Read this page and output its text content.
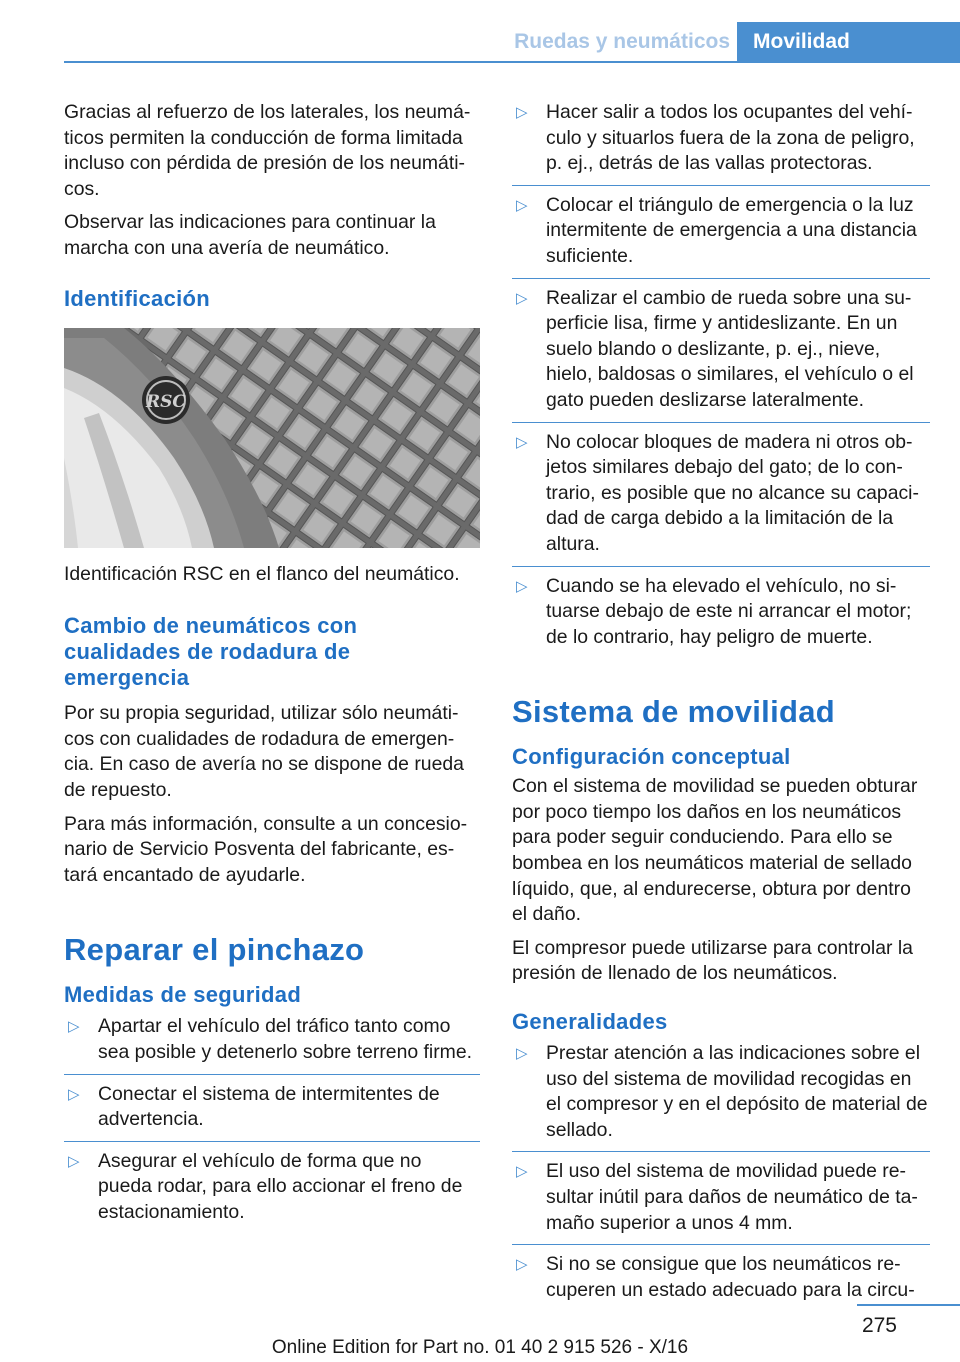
Ruedas y neumáticos	Movilidad

Gracias al refuerzo de los laterales, los neumá‐ticos permiten la conducción de forma limitada incluso con pérdida de presión de los neumáti‐cos.

Observar las indicaciones para continuar la marcha con una avería de neumático.

Identificación
RSC

Identificación RSC en el flanco del neumático.

Cambio de neumáticos con cualidades de rodadura de emergencia

Por su propia seguridad, utilizar sólo neumáti‐cos con cualidades de rodadura de emergen‐cia. En caso de avería no se dispone de rueda de repuesto.

Para más información, consulte a un concesio‐nario de Servicio Posventa del fabricante, es‐tará encantado de ayudarle.

Reparar el pinchazo
Medidas de seguridad
▷ Apartar el vehículo del tráfico tanto como sea posible y detenerlo sobre terreno firme.
▷ Conectar el sistema de intermitentes de advertencia.
▷ Asegurar el vehículo de forma que no pueda rodar, para ello accionar el freno de estacionamiento.
▷ Hacer salir a todos los ocupantes del vehí‐culo y situarlos fuera de la zona de peligro, p. ej., detrás de las vallas protectoras.
▷ Colocar el triángulo de emergencia o la luz intermitente de emergencia a una distancia suficiente.
▷ Realizar el cambio de rueda sobre una su‐perficie lisa, firme y antideslizante. En un suelo blando o deslizante, p. ej., nieve, hielo, baldosas o similares, el vehículo o el gato pueden deslizarse lateralmente.
▷ No colocar bloques de madera ni otros ob‐jetos similares debajo del gato; de lo con‐trario, es posible que no alcance su capaci‐dad de carga debido a la limitación de la altura.
▷ Cuando se ha elevado el vehículo, no si‐tuarse debajo de este ni arrancar el motor; de lo contrario, hay peligro de muerte.
Sistema de movilidad
Configuración conceptual

Con el sistema de movilidad se pueden obturar por poco tiempo los daños en los neumáticos para poder seguir conduciendo. Para ello se bombea en los neumáticos material de sellado líquido, que, al endurecerse, obtura por dentro el daño.

El compresor puede utilizarse para controlar la presión de llenado de los neumáticos.

Generalidades
▷ Prestar atención a las indicaciones sobre el uso del sistema de movilidad recogidas en el compresor y en el depósito de material de sellado.
▷ El uso del sistema de movilidad puede re‐sultar inútil para daños de neumático de ta‐maño superior a unos 4 mm.
▷ Si no se consigue que los neumáticos re‐cuperen un estado adecuado para la circu‐
275
Online Edition for Part no. 01 40 2 915 526 - X/16
